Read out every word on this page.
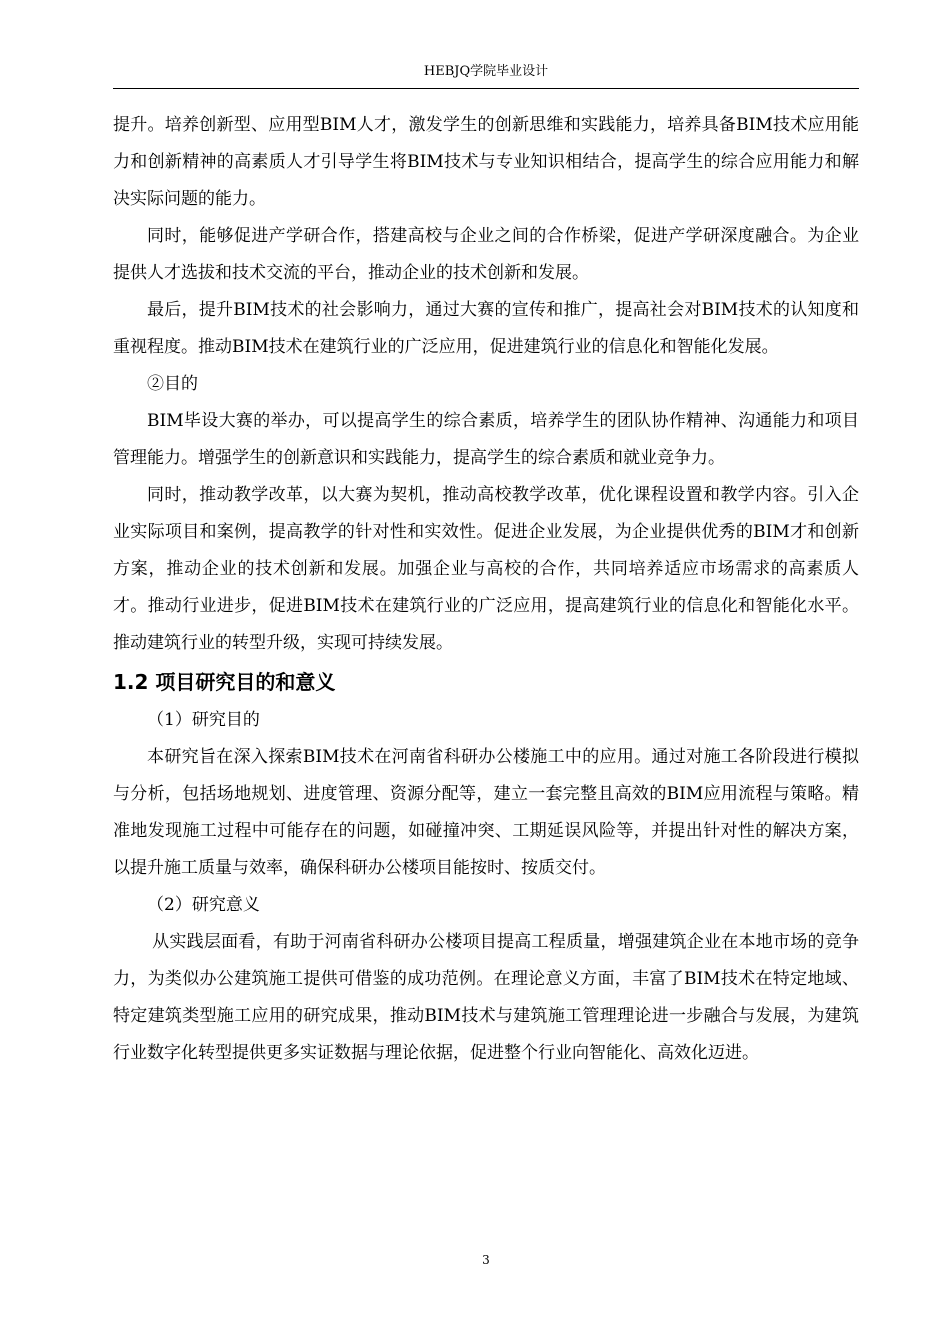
HEBJQ学院毕业设计

提升。培养创新型、应用型BIM人才，激发学生的创新思维和实践能力，培养具备BIM技术应用能力和创新精神的高素质人才引导学生将BIM技术与专业知识相结合，提高学生的综合应用能力和解决实际问题的能力。

同时，能够促进产学研合作，搭建高校与企业之间的合作桥梁，促进产学研深度融合。为企业提供人才选拔和技术交流的平台，推动企业的技术创新和发展。

最后，提升BIM技术的社会影响力，通过大赛的宣传和推广，提高社会对BIM技术的认知度和重视程度。推动BIM技术在建筑行业的广泛应用，促进建筑行业的信息化和智能化发展。

②目的

BIM毕设大赛的举办，可以提高学生的综合素质，培养学生的团队协作精神、沟通能力和项目管理能力。增强学生的创新意识和实践能力，提高学生的综合素质和就业竞争力。

同时，推动教学改革，以大赛为契机，推动高校教学改革，优化课程设置和教学内容。引入企业实际项目和案例，提高教学的针对性和实效性。促进企业发展，为企业提供优秀的BIM才和创新方案，推动企业的技术创新和发展。加强企业与高校的合作，共同培养适应市场需求的高素质人才。推动行业进步，促进BIM技术在建筑行业的广泛应用，提高建筑行业的信息化和智能化水平。推动建筑行业的转型升级，实现可持续发展。

1.2 项目研究目的和意义

（1）研究目的

本研究旨在深入探索BIM技术在河南省科研办公楼施工中的应用。通过对施工各阶段进行模拟与分析，包括场地规划、进度管理、资源分配等，建立一套完整且高效的BIM应用流程与策略。精准地发现施工过程中可能存在的问题，如碰撞冲突、工期延误风险等，并提出针对性的解决方案，以提升施工质量与效率，确保科研办公楼项目能按时、按质交付。

（2）研究意义

从实践层面看，有助于河南省科研办公楼项目提高工程质量，增强建筑企业在本地市场的竞争力，为类似办公建筑施工提供可借鉴的成功范例。在理论意义方面，丰富了BIM技术在特定地域、特定建筑类型施工应用的研究成果，推动BIM技术与建筑施工管理理论进一步融合与发展，为建筑行业数字化转型提供更多实证数据与理论依据，促进整个行业向智能化、高效化迈进。

3
